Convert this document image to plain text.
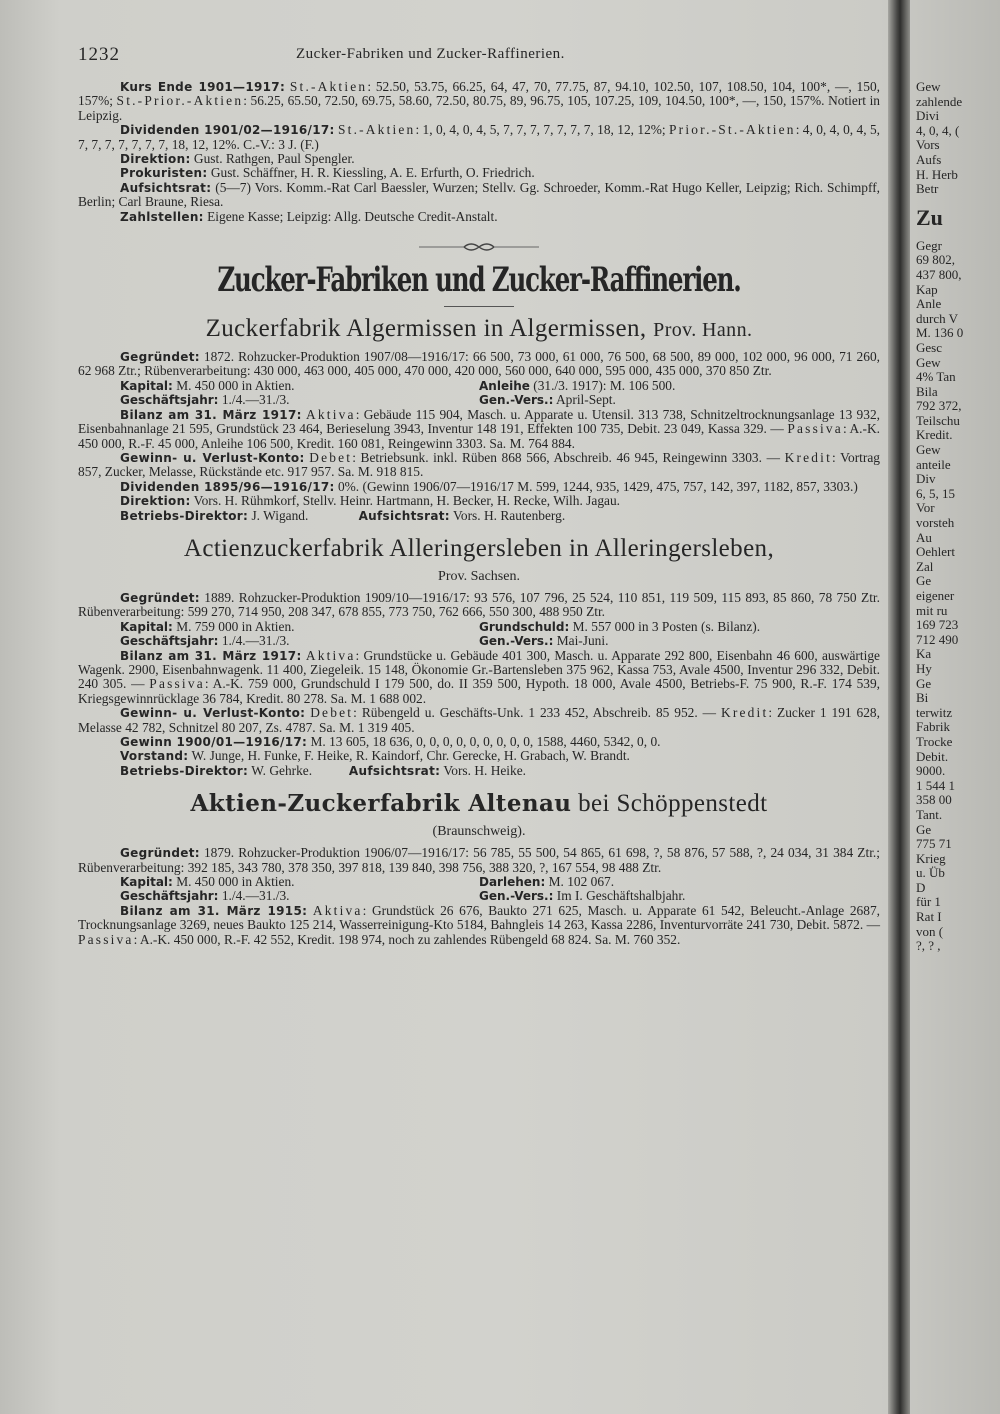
1232	Zucker-Fabriken und Zucker-Raffinerien.

Kurs Ende 1901—1917: St.-Aktien: 52.50, 53.75, 66.25, 64, 47, 70, 77.75, 87, 94.10, 102.50, 107, 108.50, 104, 100*, —, 150, 157%; St.-Prior.-Aktien: 56.25, 65.50, 72.50, 69.75, 58.60, 72.50, 80.75, 89, 96.75, 105, 107.25, 109, 104.50, 100*, —, 150, 157%. Notiert in Leipzig.

Dividenden 1901/02—1916/17: St.-Aktien: 1, 0, 4, 0, 4, 5, 7, 7, 7, 7, 7, 7, 7, 18, 12, 12%; Prior.-St.-Aktien: 4, 0, 4, 0, 4, 5, 7, 7, 7, 7, 7, 7, 7, 18, 12, 12%. C.-V.: 3 J. (F.)

Direktion: Gust. Rathgen, Paul Spengler.

Prokuristen: Gust. Schäffner, H. R. Kiessling, A. E. Erfurth, O. Friedrich.

Aufsichtsrat: (5—7) Vors. Komm.-Rat Carl Baessler, Wurzen; Stellv. Gg. Schroeder, Komm.-Rat Hugo Keller, Leipzig; Rich. Schimpff, Berlin; Carl Braune, Riesa.

Zahlstellen: Eigene Kasse; Leipzig: Allg. Deutsche Credit-Anstalt.

Zucker-Fabriken und Zucker-Raffinerien.
Zuckerfabrik Algermissen in Algermissen, Prov. Hann.

Gegründet: 1872. Rohzucker-Produktion 1907/08—1916/17: 66 500, 73 000, 61 000, 76 500, 68 500, 89 000, 102 000, 96 000, 71 260, 62 968 Ztr.; Rübenverarbeitung: 430 000, 463 000, 405 000, 470 000, 420 000, 560 000, 640 000, 595 000, 435 000, 370 850 Ztr.

Kapital: M. 450 000 in Aktien.	Anleihe (31./3. 1917): M. 106 500.
Geschäftsjahr: 1./4.—31./3.	Gen.-Vers.: April-Sept.

Bilanz am 31. März 1917: Aktiva: Gebäude 115 904, Masch. u. Apparate u. Utensil. 313 738, Schnitzeltrocknungsanlage 13 932, Eisenbahnanlage 21 595, Grundstück 23 464, Berieselung 3943, Inventur 148 191, Effekten 100 735, Debit. 23 049, Kassa 329. — Passiva: A.-K. 450 000, R.-F. 45 000, Anleihe 106 500, Kredit. 160 081, Reingewinn 3303. Sa. M. 764 884.

Gewinn- u. Verlust-Konto: Debet: Betriebsunk. inkl. Rüben 868 566, Abschreib. 46 945, Reingewinn 3303. — Kredit: Vortrag 857, Zucker, Melasse, Rückstände etc. 917 957. Sa. M. 918 815.

Dividenden 1895/96—1916/17: 0%. (Gewinn 1906/07—1916/17 M. 599, 1244, 935, 1429, 475, 757, 142, 397, 1182, 857, 3303.)

Direktion: Vors. H. Rühmkorf, Stellv. Heinr. Hartmann, H. Becker, H. Recke, Wilh. Jagau.

Betriebs-Direktor: J. Wigand.               Aufsichtsrat: Vors. H. Rautenberg.

Actienzuckerfabrik Alleringersleben in Alleringersleben,
Prov. Sachsen.

Gegründet: 1889. Rohzucker-Produktion 1909/10—1916/17: 93 576, 107 796, 25 524, 110 851, 119 509, 115 893, 85 860, 78 750 Ztr. Rübenverarbeitung: 599 270, 714 950, 208 347, 678 855, 773 750, 762 666, 550 300, 488 950 Ztr.

Kapital: M. 759 000 in Aktien.	Grundschuld: M. 557 000 in 3 Posten (s. Bilanz).
Geschäftsjahr: 1./4.—31./3.	Gen.-Vers.: Mai-Juni.

Bilanz am 31. März 1917: Aktiva: Grundstücke u. Gebäude 401 300, Masch. u. Apparate 292 800, Eisenbahn 46 600, auswärtige Wagenk. 2900, Eisenbahnwagenk. 11 400, Ziegeleik. 15 148, Ökonomie Gr.-Bartensleben 375 962, Kassa 753, Avale 4500, Inventur 296 332, Debit. 240 305. — Passiva: A.-K. 759 000, Grundschuld I 179 500, do. II 359 500, Hypoth. 18 000, Avale 4500, Betriebs-F. 75 900, R.-F. 174 539, Kriegsgewinnrücklage 36 784, Kredit. 80 278. Sa. M. 1 688 002.

Gewinn- u. Verlust-Konto: Debet: Rübengeld u. Geschäfts-Unk. 1 233 452, Abschreib. 85 952. — Kredit: Zucker 1 191 628, Melasse 42 782, Schnitzel 80 207, Zs. 4787. Sa. M. 1 319 405.

Gewinn 1900/01—1916/17: M. 13 605, 18 636, 0, 0, 0, 0, 0, 0, 0, 0, 0, 1588, 4460, 5342, 0, 0.

Vorstand: W. Junge, H. Funke, F. Heike, R. Kaindorf, Chr. Gerecke, H. Grabach, W. Brandt.

Betriebs-Direktor: W. Gehrke.           Aufsichtsrat: Vors. H. Heike.

Aktien-Zuckerfabrik Altenau bei Schöppenstedt
(Braunschweig).

Gegründet: 1879. Rohzucker-Produktion 1906/07—1916/17: 56 785, 55 500, 54 865, 61 698, ?, 58 876, 57 588, ?, 24 034, 31 384 Ztr.; Rübenverarbeitung: 392 185, 343 780, 378 350, 397 818, 139 840, 398 756, 388 320, ?, 167 554, 98 488 Ztr.

Kapital: M. 450 000 in Aktien.	Darlehen: M. 102 067.
Geschäftsjahr: 1./4.—31./3.	Gen.-Vers.: Im I. Geschäftshalbjahr.

Bilanz am 31. März 1915: Aktiva: Grundstück 26 676, Baukto 271 625, Masch. u. Apparate 61 542, Beleucht.-Anlage 2687, Trocknungsanlage 3269, neues Baukto 125 214, Wasserreinigung-Kto 5184, Bahngleis 14 263, Kassa 2286, Inventurvorräte 241 730, Debit. 5872. — Passiva: A.-K. 450 000, R.-F. 42 552, Kredit. 198 974, noch zu zahlendes Rübengeld 68 824. Sa. M. 760 352.

Gew
zahlende
Divi
4, 0, 4, (
Vors
Aufs
H. Herb
Betr
Zu
Gegr
69 802,
437 800,
Kap
Anle
durch V
M. 136 0
Gesc
Gew
4% Tan
Bila
792 372,
Teilschu
Kredit.
Gew
anteile
Div
6, 5, 15
Vor
vorsteh
Au
Oehlert
Zal
Ge
eigener
mit ru
169 723
712 490
Ka
Hy
Ge
Bi
terwitz
Fabrik
Trocke
Debit.
9000.
1 544 1
358 00
Tant.
Ge
775 71
Krieg
u. Üb
D
für 1
Rat I
von (
?, ? ,
